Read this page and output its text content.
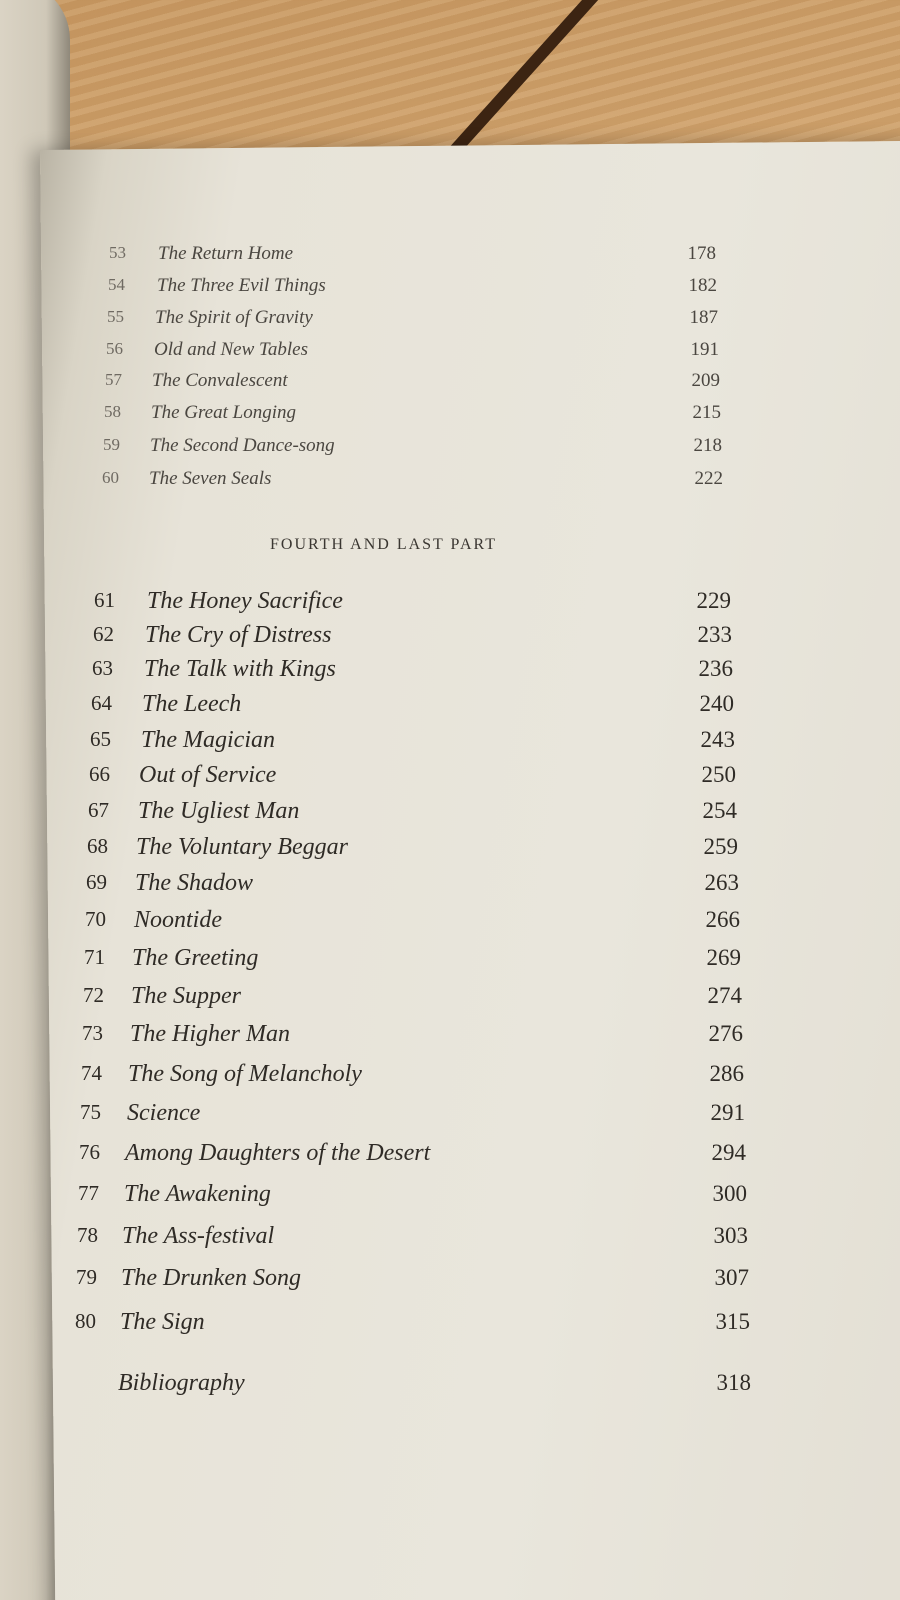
53 The Return Home	178
54 The Three Evil Things	182
55 The Spirit of Gravity	187
56 Old and New Tables	191
57 The Convalescent	209
58 The Great Longing	215
59 The Second Dance-song	218
60 The Seven Seals	222
FOURTH AND LAST PART
61 The Honey Sacrifice	229
62 The Cry of Distress	233
63 The Talk with Kings	236
64 The Leech	240
65 The Magician	243
66 Out of Service	250
67 The Ugliest Man	254
68 The Voluntary Beggar	259
69 The Shadow	263
70 Noontide	266
71 The Greeting	269
72 The Supper	274
73 The Higher Man	276
74 The Song of Melancholy	286
75 Science	291
76 Among Daughters of the Desert	294
77 The Awakening	300
78 The Ass-festival	303
79 The Drunken Song	307
80 The Sign	315
Bibliography	318
